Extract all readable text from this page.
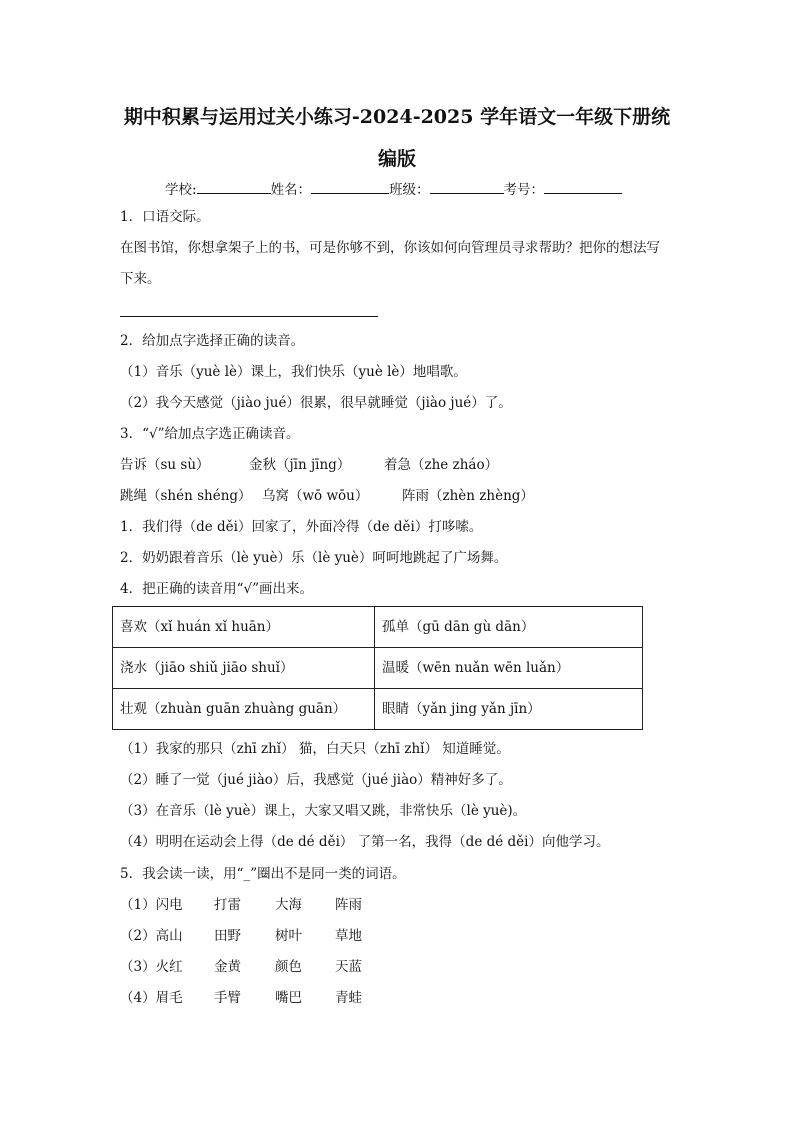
期中积累与运用过关小练习-2024-2025 学年语文一年级下册统
编版
学校:	姓名：	班级：	考号：
1．口语交际。
在图书馆，你想拿架子上的书，可是你够不到，你该如何向管理员寻求帮助？把你的想法写
下来。
2．给加点字选择正确的读音。
（1）音乐（yuè lè）课上，我们快乐（yuè lè）地唱歌。
（2）我今天感觉（jiào jué）很累，很早就睡觉（jiào jué）了。
3．“√”给加点字选正确读音。
告诉（su sù）	金秋（jīn jīng） 着急（zhe zháo）
跳绳（shén shéng） 乌窝（wō wōu） 阵雨（zhèn zhèng）
1．我们得（de děi）回家了，外面冷得（de děi）打哆嗦。
2．奶奶跟着音乐（lè yuè）乐（lè yuè）呵呵地跳起了广场舞。
4．把正确的读音用“√”画出来。
喜欢（xǐ huán xǐ huān）	孤单（gū dān gù dān）
浇水（jiāo shiǔ jiāo shuǐ）	温暖（wēn nuǎn wēn luǎn）
壮观（zhuàn guān zhuàng guān）	眼睛（yǎn jing yǎn jīn）
（1）我家的那只（zhī zhǐ） 猫，白天只（zhī zhǐ） 知道睡觉。
（2）睡了一觉（jué jiào）后，我感觉（jué jiào）精神好多了。
（3）在音乐（lè yuè）课上，大家又唱又跳，非常快乐（lè yuè)。
（4）明明在运动会上得（de dé děi） 了第一名，我得（de dé děi）向他学习。
5．我会读一读，用“_”圈出不是同一类的词语。
（1）闪电 打雷	大海 阵雨
（2）高山 田野	树叶 草地
（3）火红 金黄	颜色 天蓝
（4）眉毛 手臂	嘴巴 青蛙
